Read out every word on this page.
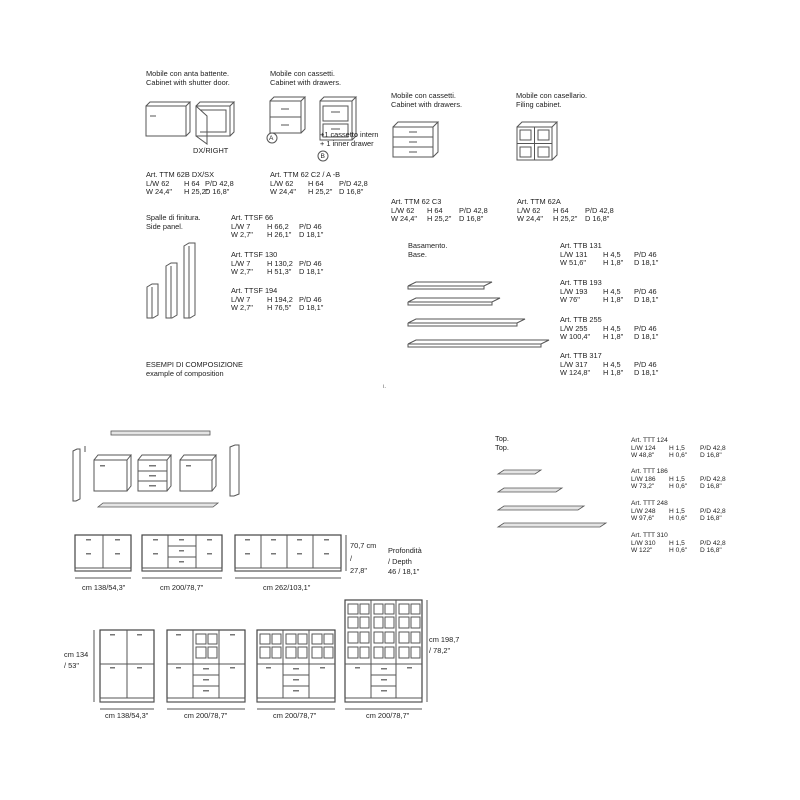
ι.
Mobile con anta battente.
Cabinet with shutter door.
DX/RIGHT
Mobile con cassetti.
Cabinet with drawers.
A
B
+1 cassetto intern
+ 1 inner drawer
Mobile con cassetti.
Cabinet with drawers.
Mobile con casellario.
Filing cabinet.
Art. TTM 62B DX/SX
L/W 62 H 64 P/D 42,8
W 24,4" H 25,2"D 16,8"
Art. TTM 62 C2 / A -B
L/W 62 H 64 P/D 42,8
W 24,4" H 25,2" D 16,8"
Art. TTM 62 C3
L/W 62 H 64 P/D 42,8
W 24,4" H 25,2" D 16,8"
Art. TTM 62A
L/W 62 H 64 P/D 42,8
W 24,4" H 25,2" D 16,8"
Spalle di finitura.
Side panel.
Art. TTSF 66
L/W 7 H 66,2 P/D 46
W 2,7" H 26,1" D 18,1"
Art. TTSF 130
L/W 7 H 130,2 P/D 46
W 2,7" H 51,3" D 18,1"
Art. TTSF 194
L/W 7 H 194,2 P/D 46
W 2,7" H 76,5" D 18,1"
Basamento.
Base.
Art. TTB 131
L/W 131 H 4,5 P/D 46
W 51,6" H 1,8" D 18,1"
Art. TTB 193
L/W 193 H 4,5 P/D 46
W 76"	H 1,8" D 18,1"
Art. TTB 255
L/W 255 H 4,5 P/D 46
W 100,4" H 1,8" D 18,1"
Art. TTB 317
L/W 317 H 4,5 P/D 46
W 124,8" H 1,8" D 18,1"
ESEMPI DI COMPOSIZIONE
example of composition
Top.
Top.
Art. TTT 124
L/W 124 H 1,5 P/D 42,8
W 48,8" H 0,6" D 16,8"
Art. TTT 186
L/W 186 H 1,5 P/D 42,8
W 73,2" H 0,6" D 16,8"
Art. TTT 248
L/W 248 H 1,5 P/D 42,8
W 97,6" H 0,6" D 16,8"
Art. TTT 310
L/W 310 H 1,5 P/D 42,8
W 122"	H 0,6" D 16,8"
cm 138/54,3"	cm 200/78,7"	cm 262/103,1"
70,7 cm
/
27,8"
Profondità
/ Depth
46 / 18,1"
cm 134
/ 53"
cm 198,7
/ 78,2"
cm 138/54,3"	cm 200/78,7"	cm 200/78,7"	cm 200/78,7"
